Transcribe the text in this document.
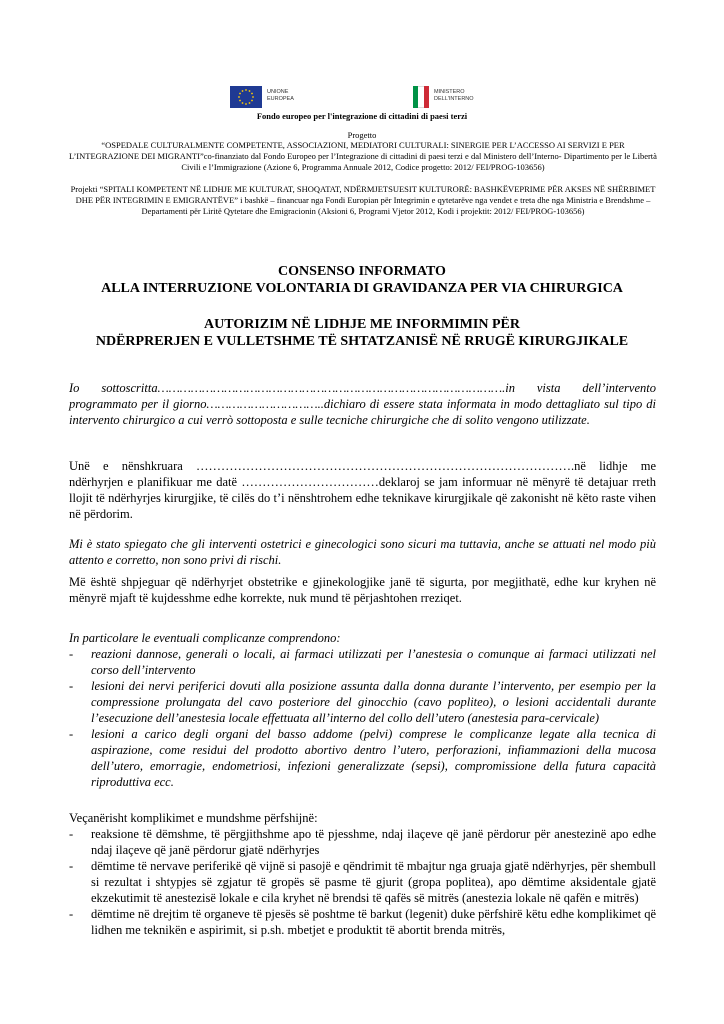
UNIONE
EUROPEA
MINISTERO
DELL'INTERNO
Fondo europeo per l'integrazione di cittadini di paesi terzi
Progetto
“OSPEDALE CULTURALMENTE COMPETENTE, ASSOCIAZIONI, MEDIATORI CULTURALI: SINERGIE PER L’ACCESSO AI SERVIZI E PER L’INTEGRAZIONE DEI MIGRANTI”co-finanziato dal Fondo Europeo per l’Integrazione di cittadini di paesi terzi e dal Ministero dell’Interno- Dipartimento per le Libertà Civili e l’Immigrazione (Azione 6, Programma Annuale 2012, Codice progetto: 2012/ FEI/PROG-103656)
Projekti “SPITALI KOMPETENT NË LIDHJE ME KULTURAT, SHOQATAT, NDËRMJETSUESIT KULTURORË: BASHKËVEPRIME PËR AKSES NË SHËRBIMET DHE PËR INTEGRIMIN E EMIGRANTËVE” i bashkë – financuar nga Fondi Europian për Integrimin e qytetarëve nga vendet e treta dhe nga Ministria e Brendshme – Departamenti për Liritë Qytetare dhe Emigracionin (Aksioni 6, Programi Vjetor 2012, Kodi i projektit: 2012/ FEI/PROG-103656)
CONSENSO INFORMATO
ALLA INTERRUZIONE VOLONTARIA DI GRAVIDANZA PER VIA CHIRURGICA
AUTORIZIM NË LIDHJE ME INFORMIMIN PËR
NDËRPRERJEN E VULLETSHME TË SHTATZANISË NË RRUGË KIRURGJIKALE
Io sottoscritta………………………………………………………………………………….in vista dell’intervento programmato per il giorno…………………………..dichiaro di essere stata informata in modo dettagliato sul tipo di intervento chirurgico a cui verrò sottoposta e sulle tecniche chirurgiche che di solito vengono utilizzate.
Unë e nënshkruara ……………………………………………………………………………….në lidhje me ndërhyrjen e planifikuar me datë ……………………………deklaroj se jam informuar në mënyrë të detajuar rreth llojit të ndërhyrjes kirurgjike, të cilës do t’i nënshtrohem edhe teknikave kirurgjikale që zakonisht në këto raste vihen në përdorim.
Mi è stato spiegato che gli interventi ostetrici e ginecologici sono sicuri ma tuttavia, anche se attuati nel modo più attento e corretto, non sono privi di rischi.
Më është shpjeguar që ndërhyrjet obstetrike e gjinekologjike janë të sigurta, por megjithatë, edhe kur kryhen në mënyrë mjaft të kujdesshme edhe korrekte, nuk mund të përjashtohen rreziqet.
In particolare le eventuali complicanze comprendono:
- reazioni dannose, generali o locali, ai farmaci utilizzati per l’anestesia o comunque ai farmaci utilizzati nel corso dell’intervento
- lesioni dei nervi periferici dovuti alla posizione assunta dalla donna durante l’intervento, per esempio per la compressione prolungata del cavo posteriore del ginocchio (cavo popliteo), o lesioni accidentali durante l’esecuzione dell’anestesia locale effettuata all’interno del collo dell’utero (anestesia para-cervicale)
- lesioni a carico degli organi del basso addome (pelvi) comprese le complicanze legate alla tecnica di aspirazione, come residui del prodotto abortivo dentro l’utero, perforazioni, infiammazioni della mucosa dell’utero, emorragie, endometriosi, infezioni generalizzate (sepsi), compromissione della futura capacità riproduttiva ecc.
Veçanërisht komplikimet e mundshme përfshijnë:
- reaksione të dëmshme, të përgjithshme apo të pjesshme, ndaj ilaçeve që janë përdorur për anestezinë apo edhe ndaj ilaçeve që janë përdorur gjatë ndërhyrjes
- dëmtime të nervave periferikë që vijnë si pasojë e qëndrimit të mbajtur nga gruaja gjatë ndërhyrjes, për shembull si rezultat i shtypjes së zgjatur të gropës së pasme të gjurit (gropa poplitea), apo dëmtime aksidentale gjatë ekzekutimit të anestezisë lokale e cila kryhet në brendsi të qafës së mitrës (anestezia lokale në qafën e mitrës)
- dëmtime në drejtim të organeve të pjesës së poshtme të barkut (legenit) duke përfshirë këtu edhe komplikimet që lidhen me teknikën e aspirimit, si p.sh. mbetjet e produktit të abortit brenda mitrës,
